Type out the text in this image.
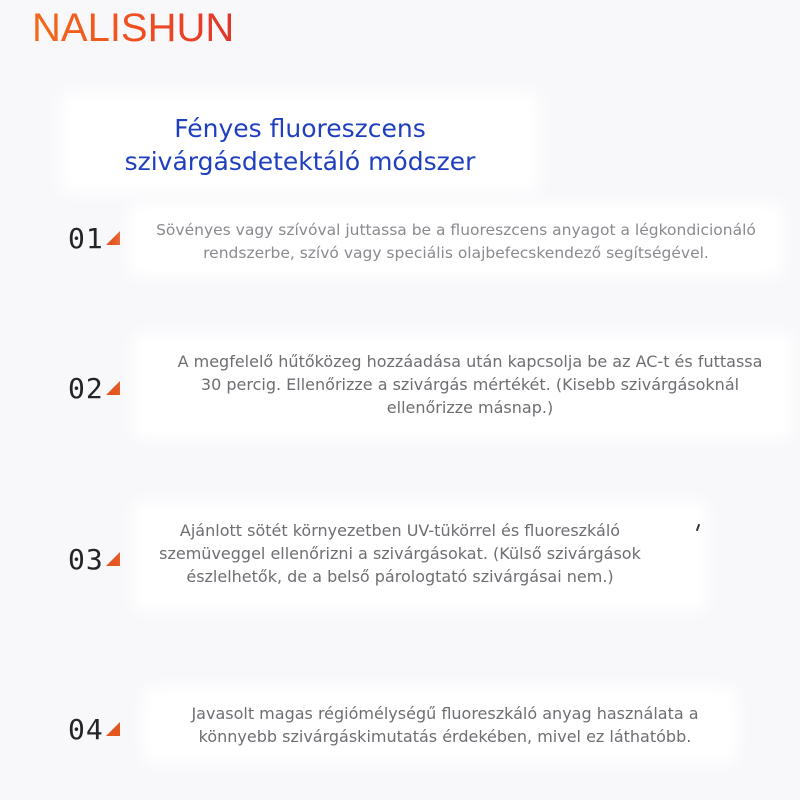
NALISHUN
Fényes fluoreszcens
szivárgásdetektáló módszer
01	Sövényes vagy szívóval juttassa be a fluoreszcens anyagot a légkondicionáló
rendszerbe, szívó vagy speciális olajbefecskendező segítségével.
02
A megfelelő hűtőközeg hozzáadása után kapcsolja be az AC-t és futtassa
30 percig. Ellenőrizze a szivárgás mértékét. (Kisebb szivárgásoknál
ellenőrizze másnap.)
03
Ajánlott sötét környezetben UV-tükörrel és fluoreszkáló
szemüveggel ellenőrizni a szivárgásokat. (Külső szivárgások
észlelhetők, de a belső párologtató szivárgásai nem.)
04	Javasolt magas régiómélységű fluoreszkáló anyag használata a
könnyebb szivárgáskimutatás érdekében, mivel ez láthatóbb.
